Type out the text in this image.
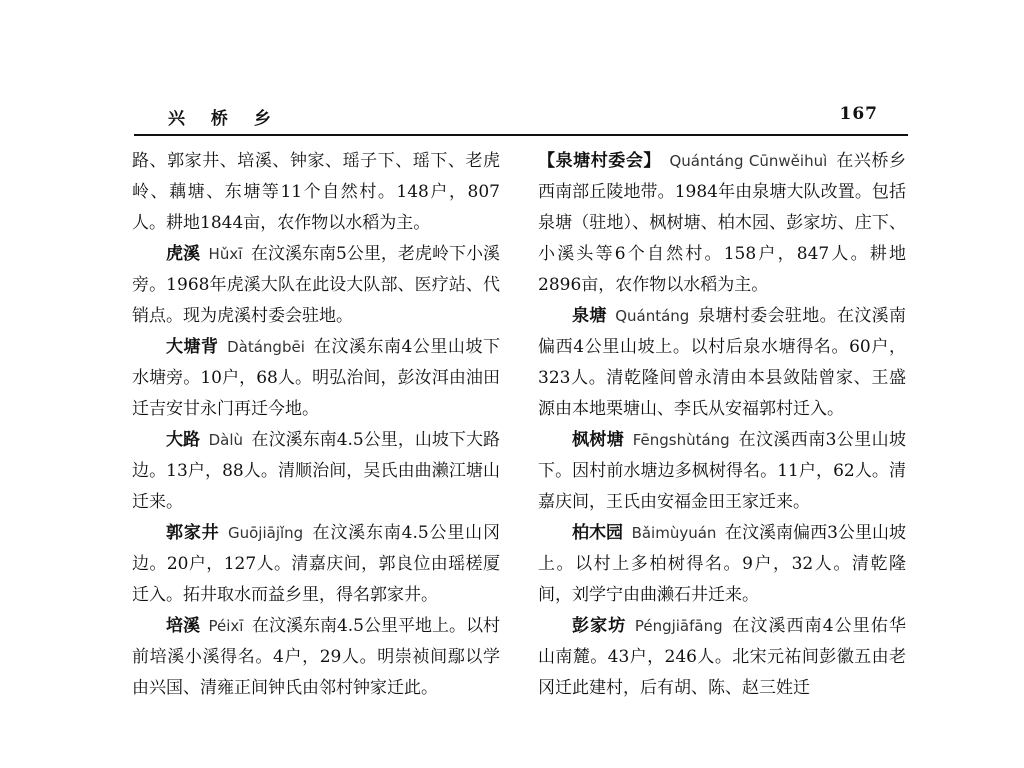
兴 桥 乡	167

路、郭家井、培溪、钟家、瑶子下、瑶下、老虎岭、藕塘、东塘等11个自然村。148户，807人。耕地1844亩，农作物以水稻为主。

虎溪  Hǔxī  在汶溪东南5公里，老虎岭下小溪旁。1968年虎溪大队在此设大队部、医疗站、代销点。现为虎溪村委会驻地。

大塘背  Dàtángbēi  在汶溪东南4公里山坡下水塘旁。10户，68人。明弘治间，彭汝洱由油田迁吉安甘永门再迁今地。

大路  Dàlù  在汶溪东南4.5公里，山坡下大路边。13户，88人。清顺治间，吴氏由曲濑江塘山迁来。

郭家井  Guōjiājǐng  在汶溪东南4.5公里山冈边。20户，127人。清嘉庆间，郭良位由瑶槎厦迁入。拓井取水而益乡里，得名郭家井。

培溪  Péixī  在汶溪东南4.5公里平地上。以村前培溪小溪得名。4户，29人。明崇祯间鄢以学由兴国、清雍正间钟氏由邻村钟家迁此。

【泉塘村委会】  Quántáng Cūnwěihuì  在兴桥乡西南部丘陵地带。1984年由泉塘大队改置。包括泉塘（驻地）、枫树塘、柏木园、彭家坊、庄下、小溪头等6个自然村。158户，847人。耕地2896亩，农作物以水稻为主。

泉塘  Quántáng  泉塘村委会驻地。在汶溪南偏西4公里山坡上。以村后泉水塘得名。60户，323人。清乾隆间曾永清由本县敛陆曾家、王盛源由本地栗塘山、李氏从安福郭村迁入。

枫树塘  Fēngshùtáng  在汶溪西南3公里山坡下。因村前水塘边多枫树得名。11户，62人。清嘉庆间，王氏由安福金田王家迁来。

柏木园  Bǎimùyuán  在汶溪南偏西3公里山坡上。以村上多柏树得名。9户，32人。清乾隆间，刘学宁由曲濑石井迁来。

彭家坊  Péngjiāfāng  在汶溪西南4公里佑华山南麓。43户，246人。北宋元祐间彭徽五由老冈迁此建村，后有胡、陈、赵三姓迁
